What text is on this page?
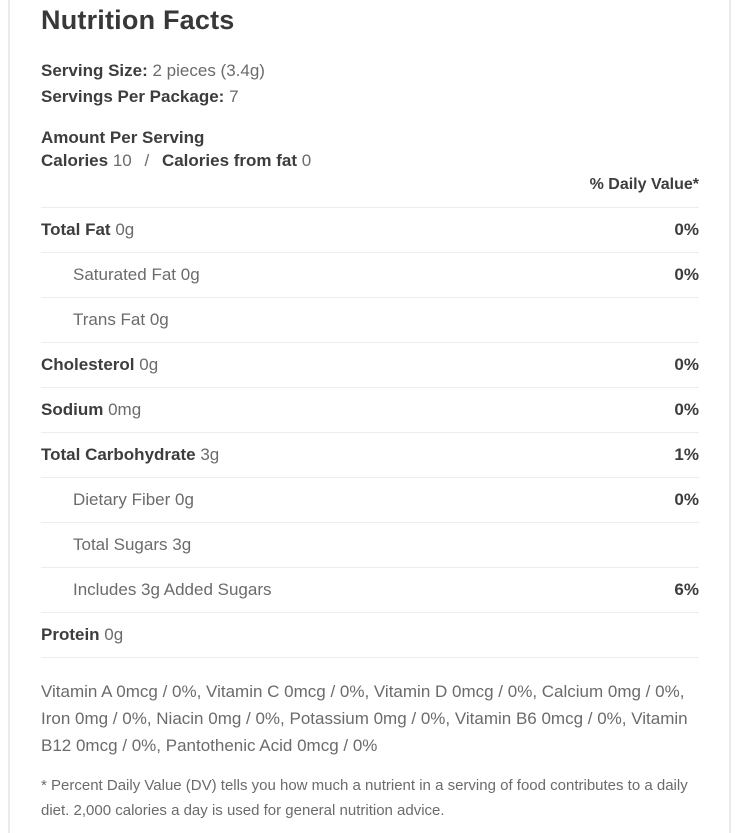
Nutrition Facts
Serving Size: 2 pieces (3.4g)
Servings Per Package: 7
Amount Per Serving
Calories 10 / Calories from fat 0
% Daily Value*
Total Fat 0g	0%
Saturated Fat 0g	0%
Trans Fat 0g
Cholesterol 0g	0%
Sodium 0mg	0%
Total Carbohydrate 3g	1%
Dietary Fiber 0g	0%
Total Sugars 3g
Includes 3g Added Sugars	6%
Protein 0g

Vitamin A 0mcg / 0%, Vitamin C 0mcg / 0%, Vitamin D 0mcg / 0%, Calcium 0mg / 0%, Iron 0mg / 0%, Niacin 0mg / 0%, Potassium 0mg / 0%, Vitamin B6 0mcg / 0%, Vitamin B12 0mcg / 0%, Pantothenic Acid 0mcg / 0%

* Percent Daily Value (DV) tells you how much a nutrient in a serving of food contributes to a daily diet. 2,000 calories a day is used for general nutrition advice.
